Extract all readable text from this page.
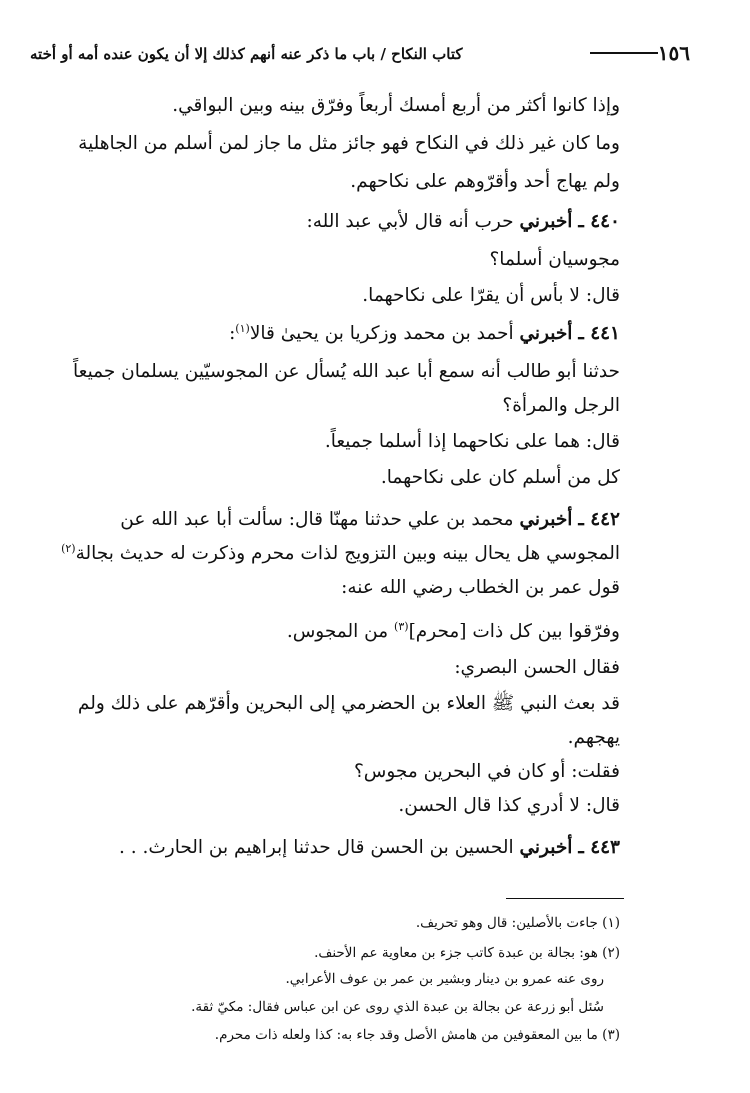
١٥٦
كتاب النكاح / باب ما ذكر عنه أنهم كذلك إلا أن يكون عنده أمه أو أخته
وإذا كانوا أكثر من أربع أمسك أربعاً وفرّق بينه وبين البواقي.
وما كان غير ذلك في النكاح فهو جائز مثل ما جاز لمن أسلم من الجاهلية
ولم يهاج أحد وأقرّوهم على نكاحهم.
٤٤٠ ـ أخبرني حرب أنه قال لأبي عبد الله:
مجوسيان أسلما؟
قال: لا بأس أن يقرّا على نكاحهما.
٤٤١ ـ أخبرني أحمد بن محمد وزكريا بن يحيىٰ قالا$^{(١)}$:
حدثنا أبو طالب أنه سمع أبا عبد الله يُسأل عن المجوسيّين يسلمان جميعاً
الرجل والمرأة؟
قال: هما على نكاحهما إذا أسلما جميعاً.
كل من أسلم كان على نكاحهما.
٤٤٢ ـ أخبرني محمد بن علي حدثنا مهنّا قال: سألت أبا عبد الله عن
المجوسي هل يحال بينه وبين التزويج لذات محرم وذكرت له حديث بجالة$^{(٢)}$
قول عمر بن الخطاب رضي الله عنه:
وفرّقوا بين كل ذات [محرم]$^{(٣)}$ من المجوس.
فقال الحسن البصري:
قد بعث النبي ﷺ العلاء بن الحضرمي إلى البحرين وأقرّهم على ذلك ولم
يهجهم.
فقلت: أو كان في البحرين مجوس؟
قال: لا أدري كذا قال الحسن.
٤٤٣ ـ أخبرني الحسين بن الحسن قال حدثنا إبراهيم بن الحارث. . .
(١) جاءت بالأصلين: قال وهو تحريف.
(٢) هو: بجالة بن عبدة كاتب جزء بن معاوية عم الأحنف.
روى عنه عمرو بن دينار وبشير بن عمر بن عوف الأعرابي.
سُئل أبو زرعة عن بجالة بن عبدة الذي روى عن ابن عباس فقال: مكيّ ثقة.
(٣) ما بين المعقوفين من هامش الأصل وقد جاء به: كذا ولعله ذات محرم.
